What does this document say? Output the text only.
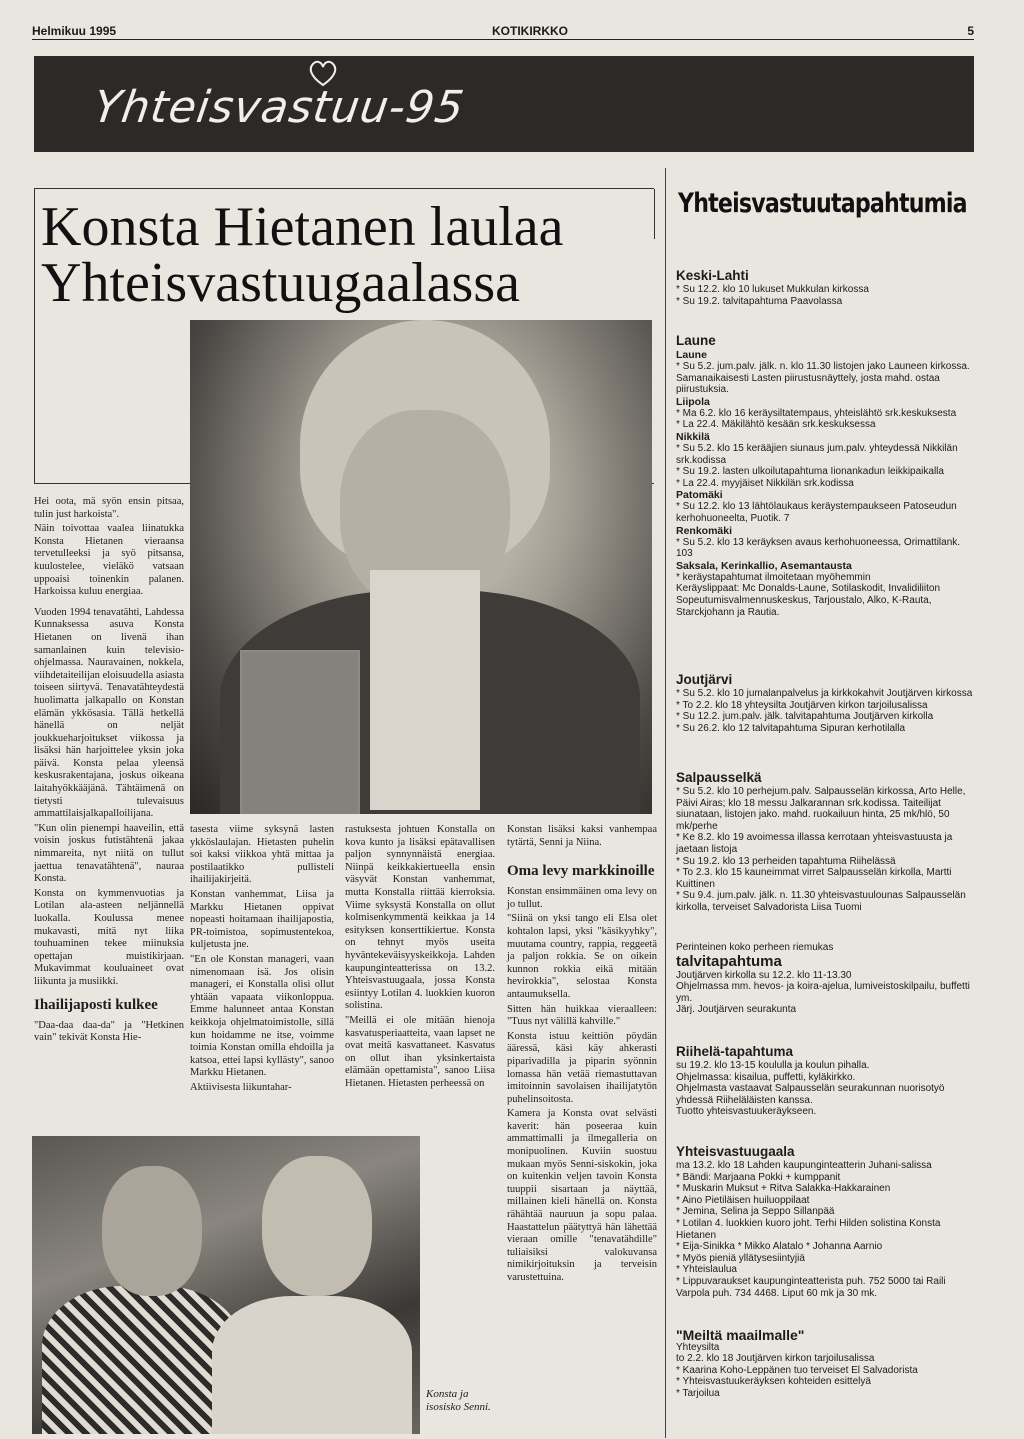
Helmikuu 1995	KOTIKIRKKO	5
Yhteisvastuu-95
Konsta Hietanen laulaa
Yhteisvastuugaalassa

Hei oota, mä syön ensin pitsaa, tulin just harkoista".

Näin toivottaa vaalea liinatukka Konsta Hietanen vieraansa tervetulleeksi ja syö pitsansa, kuulostelee, vieläkö vatsaan uppoaisi toinenkin palanen. Harkoissa kuluu energiaa.

Vuoden 1994 tenavatähti, Lahdessa Kunnaksessa asuva Konsta Hietanen on livenä ihan samanlainen kuin televisio-ohjelmassa. Nauravainen, nokkela, viihdetaiteilijan eloisuudella asiasta toiseen siirtyvä. Tenavatähteydestä huolimatta jalkapallo on Konstan elämän ykkösasia. Tällä hetkellä hänellä on neljät joukkueharjoitukset viikossa ja lisäksi hän harjoittelee yksin joka päivä. Konsta pelaa yleensä keskusrakentajana, joskus oikeana laitahyökkääjänä. Tähtäimenä on tietysti tulevaisuus ammattilaisjalkapalloilijana.

"Kun olin pienempi haaveilin, että voisin joskus futistähtenä jakaa nimmareita, nyt niitä on tullut jaettua tenavatähtenä", nauraa Konsta.

Konsta on kymmenvuotias ja Lotilan ala-asteen neljännellä luokalla. Koulussa menee mukavasti, mitä nyt liika touhuaminen tekee miinuksia opettajan muistikirjaan. Mukavimmat kouluaineet ovat liikunta ja musiikki.

Ihailijaposti kulkee

"Daa-daa daa-da" ja "Hetkinen vain" tekivät Konsta Hie-

tasesta viime syksynä lasten ykköslaulajan. Hietasten puhelin soi kaksi viikkoa yhtä mittaa ja postilaatikko pullisteli ihailijakirjeitä.

Konstan vanhemmat, Liisa ja Markku Hietanen oppivat nopeasti hoitamaan ihailijapostia, PR-toimistoa, sopimustentekoa, kuljetusta jne.

"En ole Konstan manageri, vaan nimenomaan isä. Jos olisin manageri, ei Konstalla olisi ollut yhtään vapaata viikonloppua. Emme halunneet antaa Konstan keikkoja ohjelmatoimistolle, sillä kun hoidamme ne itse, voimme toimia Konstan omilla ehdoilla ja katsoa, ettei lapsi kyllästy", sanoo Markku Hietanen.

Aktiivisesta liikuntahar-

rastuksesta johtuen Konstalla on kova kunto ja lisäksi epätavallisen paljon synnynnäistä energiaa. Niinpä keikkakiertueella ensin väsyvät Konstan vanhemmat, mutta Konstalla riittää kierroksia. Viime syksystä Konstalla on ollut kolmisenkymmentä keikkaa ja 14 esityksen konserttikiertue. Konsta on tehnyt myös useita hyväntekeväisyyskeikkoja. Lahden kaupunginteatterissa on 13.2. Yhteisvastuugaala, jossa Konsta esiintyy Lotilan 4. luokkien kuoron solistina.

"Meillä ei ole mitään hienoja kasvatusperiaatteita, vaan lapset ne ovat meitä kasvattaneet. Kasvatus on ollut ihan yksinkertaista elämään opettamista", sanoo Liisa Hietanen. Hietasten perheessä on

Konstan lisäksi kaksi vanhempaa tytärtä, Senni ja Niina.

Oma levy markkinoille

Konstan ensimmäinen oma levy on jo tullut.

"Siinä on yksi tango eli Elsa olet kohtalon lapsi, yksi "käsikyyhky", muutama country, rappia, reggeetä ja paljon rokkia. Se on oikein kunnon rokkia eikä mitään hevirokkia", selostaa Konsta antaumuksella.

Sitten hän huikkaa vieraalleen: "Tuus nyt välillä kahville."

Konsta istuu keittiön pöydän ääressä, käsi käy ahkerasti piparivadilla ja piparin syönnin lomassa hän vetää riemastuttavan imitoinnin savolaisen ihailijatytön puhelinsoitosta.

Kamera ja Konsta ovat selvästi kaverit: hän poseeraa kuin ammattimalli ja ilmegalleria on monipuolinen. Kuviin suostuu mukaan myös Senni-siskokin, joka on kuitenkin veljen tavoin Konsta tuuppii sisartaan ja näyttää, millainen kieli hänellä on. Konsta rähähtää nauruun ja sopu palaa. Haastattelun päätyttyä hän lähettää vieraan omille "tenavatähdille" tuliaisiksi valokuvansa nimikirjoituksin ja terveisin varustettuina.

Konsta ja isosisko Senni.
Yhteisvastuutapahtumia
Keski-Lahti
* Su 12.2. klo 10 lukuset Mukkulan kirkossa
* Su 19.2. talvitapahtuma Paavolassa
Laune
Laune
* Su 5.2. jum.palv. jälk. n. klo 11.30 listojen jako Launeen kirkossa. Samanaikaisesti Lasten piirustusnäyttely, josta mahd. ostaa piirustuksia.
Liipola
* Ma 6.2. klo 16 keräysiltatempaus, yhteislähtö srk.keskuksesta
* La 22.4. Mäkilähtö kesään srk.keskuksessa
Nikkilä
* Su 5.2. klo 15 kerääjien siunaus jum.palv. yhteydessä Nikkilän srk.kodissa
* Su 19.2. lasten ulkoilutapahtuma Iionankadun leikkipaikalla
* La 22.4. myyjäiset Nikkilän srk.kodissa
Patomäki
* Su 12.2. klo 13 lähtölaukaus keräystempaukseen Patoseudun kerhohuoneelta, Puotik. 7
Renkomäki
* Su 5.2. klo 13 keräyksen avaus kerhohuoneessa, Orimattilank. 103
Saksala, Kerinkallio, Asemantausta
* keräystapahtumat ilmoitetaan myöhemmin
Keräyslippaat: Mc Donalds-Laune, Sotilaskodit, Invalidiliiton Sopeutumisvalmennuskeskus, Tarjoustalo, Alko, K-Rauta, Starckjohann ja Rautia.
Joutjärvi
* Su 5.2. klo 10 jumalanpalvelus ja kirkkokahvit Joutjärven kirkossa
* To 2.2. klo 18 yhteysilta Joutjärven kirkon tarjoilusalissa
* Su 12.2. jum.palv. jälk. talvitapahtuma Joutjärven kirkolla
* Su 26.2. klo 12 talvitapahtuma Sipuran kerhotilalla
Salpausselkä
* Su 5.2. klo 10 perhejum.palv. Salpausselän kirkossa, Arto Helle, Päivi Airas; klo 18 messu Jalkarannan srk.kodissa. Taiteilijat siunataan, listojen jako. mahd. ruokailuun hinta, 25 mk/hlö, 50 mk/perhe
* Ke 8.2. klo 19 avoimessa illassa kerrotaan yhteisvastuusta ja jaetaan listoja
* Su 19.2. klo 13 perheiden tapahtuma Riihelässä
* To 2.3. klo 15 kauneimmat virret Salpausselän kirkolla, Martti Kuittinen
* Su 9.4. jum.palv. jälk. n. 11.30 yhteisvastuulounas Salpausselän kirkolla, terveiset Salvadorista Liisa Tuomi
Perinteinen koko perheen riemukas
talvitapahtuma
Joutjärven kirkolla su 12.2. klo 11-13.30
Ohjelmassa mm. hevos- ja koira-ajelua, lumiveistoskilpailu, buffetti ym.
Järj. Joutjärven seurakunta
Riihelä-tapahtuma
su 19.2. klo 13-15 koululla ja koulun pihalla.
Ohjelmassa: kisailua, puffetti, kyläkirkko.
Ohjelmasta vastaavat Salpausselän seurakunnan nuorisotyö yhdessä Riiheläläisten kanssa.
Tuotto yhteisvastuukeräykseen.
Yhteisvastuugaala
ma 13.2. klo 18 Lahden kaupunginteatterin Juhani-salissa
* Bändi: Marjaana Pokki + kumppanit
* Muskarin Muksut + Ritva Salakka-Hakkarainen
* Aino Pietiläisen huiluoppilaat
* Jemina, Selina ja Seppo Sillanpää
* Lotilan 4. luokkien kuoro joht. Terhi Hilden solistina Konsta Hietanen
* Eija-Sinikka * Mikko Alatalo * Johanna Aarnio
* Myös pieniä yllätysesiintyjiä
* Yhteislaulua
* Lippuvaraukset kaupunginteatterista puh. 752 5000 tai Raili Varpola puh. 734 4468. Liput 60 mk ja 30 mk.
"Meiltä maailmalle"
Yhteysilta
to 2.2. klo 18 Joutjärven kirkon tarjoilusalissa
* Kaarina Koho-Leppänen tuo terveiset El Salvadorista
* Yhteisvastuukeräyksen kohteiden esittelyä
* Tarjoilua
